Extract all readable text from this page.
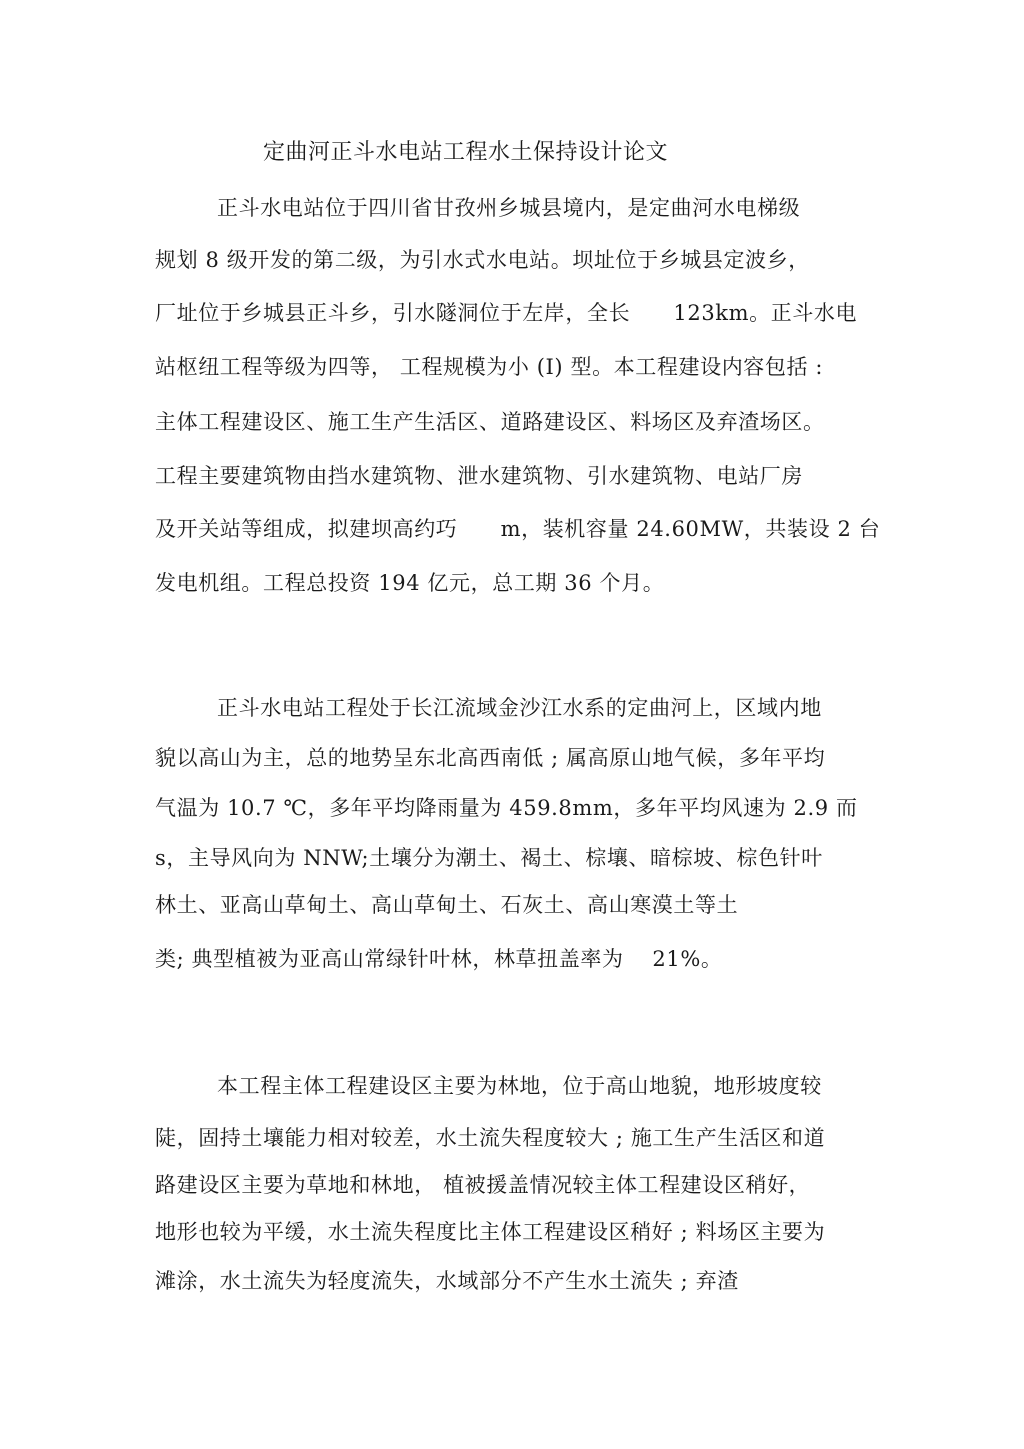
定曲河正斗水电站工程水土保持设计论文
正斗水电站位于四川省甘孜州乡城县境内，是定曲河水电梯级
规划 8 级开发的第二级，为引水式水电站。坝址位于乡城县定波乡，
厂址位于乡城县正斗乡，引水隧洞位于左岸，全长　　123km。正斗水电
站枢纽工程等级为四等， 工程规模为小 (I) 型。本工程建设内容包括 :
主体工程建设区、施工生产生活区、道路建设区、料场区及弃渣场区。
工程主要建筑物由挡水建筑物、泄水建筑物、引水建筑物、电站厂房
及开关站等组成，拟建坝高约巧　　m，装机容量 24.60MW，共装设 2 台
发电机组。工程总投资 194 亿元，总工期 36 个月。
正斗水电站工程处于长江流域金沙江水系的定曲河上，区域内地
貌以高山为主，总的地势呈东北高西南低 ; 属高原山地气候，多年平均
气温为 10.7 ℃，多年平均降雨量为 459.8mm，多年平均风速为 2.9 而
s，主导风向为 NNW;土壤分为潮土、褐土、棕壤、暗棕坡、棕色针叶
林土、亚高山草甸土、高山草甸土、石灰土、高山寒漠土等土
类; 典型植被为亚高山常绿针叶林，林草扭盖率为　 21%。
本工程主体工程建设区主要为林地，位于高山地貌，地形坡度较
陡，固持土壤能力相对较差，水土流失程度较大 ; 施工生产生活区和道
路建设区主要为草地和林地， 植被援盖情况较主体工程建设区稍好，
地形也较为平缓，水土流失程度比主体工程建设区稍好 ; 料场区主要为
滩涂，水土流失为轻度流失，水域部分不产生水土流失 ; 弃渣
